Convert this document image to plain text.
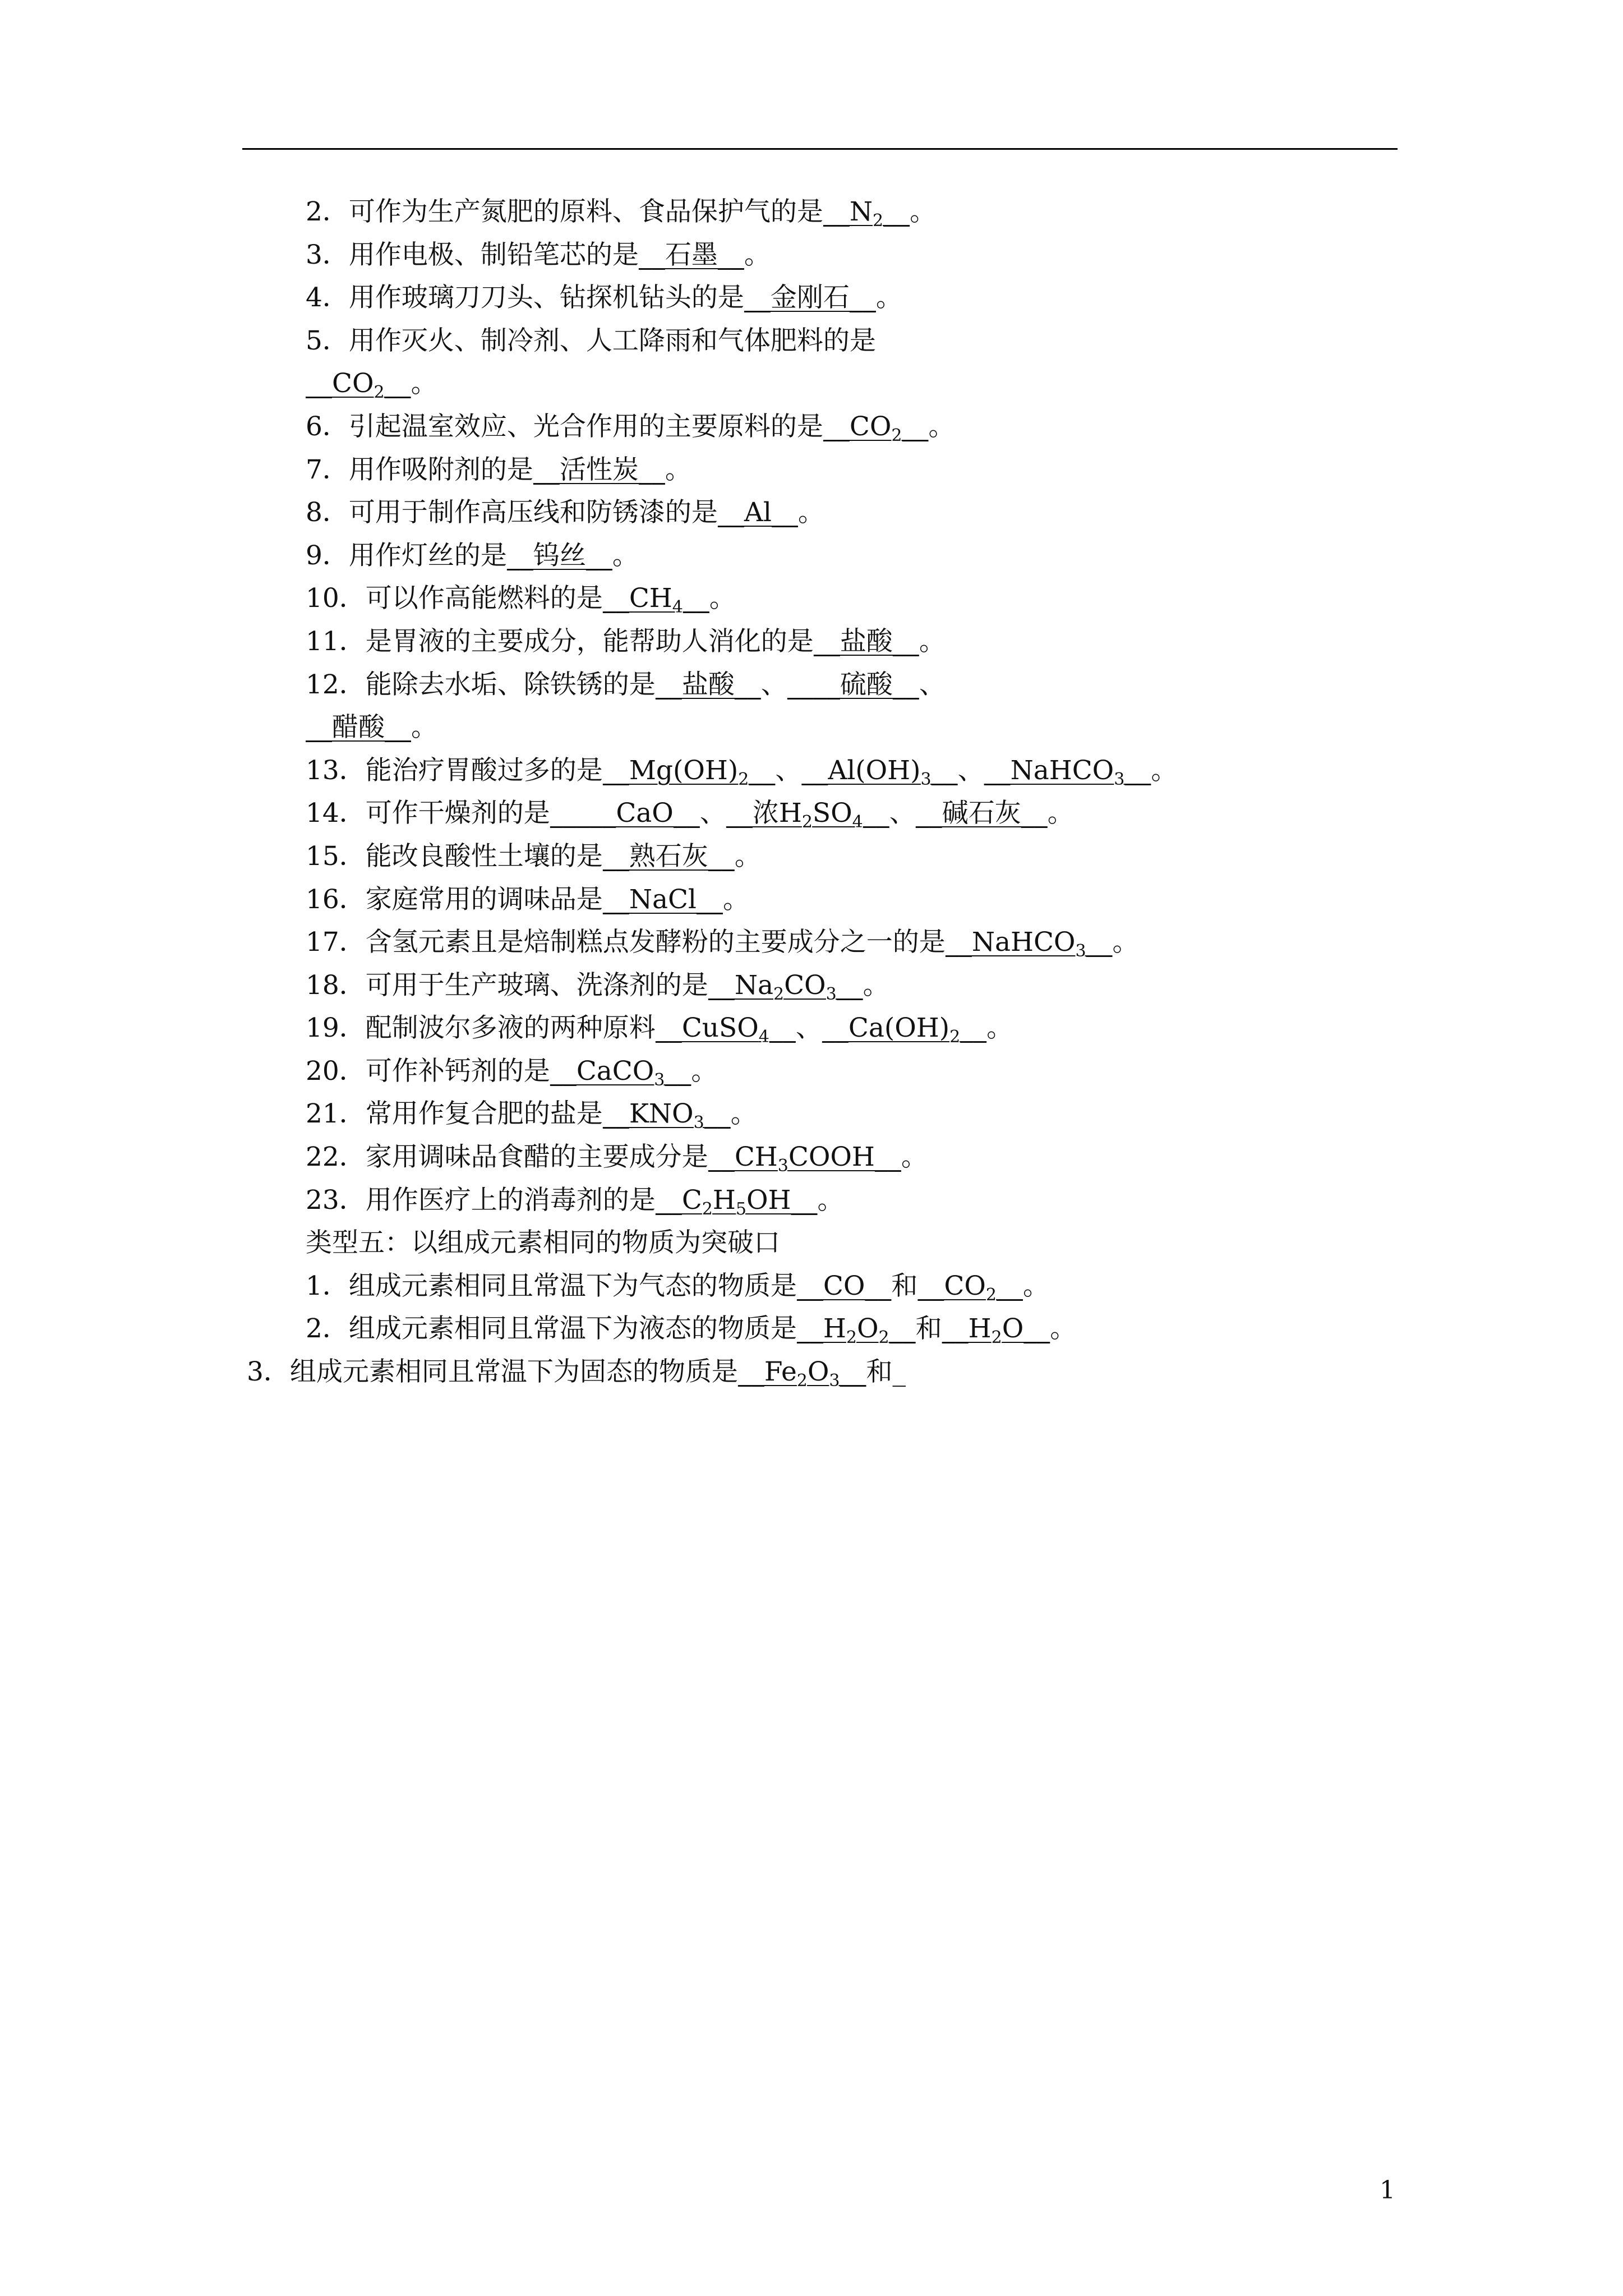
2．可作为生产氮肥的原料、食品保护气的是$\_\_N_2\_\_$。
3．用作电极、制铅笔芯的是__石墨__。
4．用作玻璃刀刀头、钻探机钻头的是__金刚石__。
5．用作灭火、制冷剂、人工降雨和气体肥料的是
$\_\_CO_2\_\_$。
6．引起温室效应、光合作用的主要原料的是$\_\_CO_2\_\_$。
7．用作吸附剂的是__活性炭__。
8．可用于制作高压线和防锈漆的是__Al__。
9．用作灯丝的是__钨丝__。
10．可以作高能燃料的是$\_\_CH_4\_\_$。
11．是胃液的主要成分，能帮助人消化的是__盐酸__。
12．能除去水垢、除铁锈的是__盐酸__、____硫酸__、
__醋酸__。
13．能治疗胃酸过多的是$\_\_Mg(OH)_2\_\_$、$\_\_Al(OH)_3\_\_$、__NaHCO$_3$__。
14．可作干燥剂的是_____CaO__、__浓$H_2SO_4\_\_$、__碱石灰__。
15．能改良酸性土壤的是__熟石灰__。
16．家庭常用的调味品是__NaCl__。
17．含氢元素且是焙制糕点发酵粉的主要成分之一的是__NaHCO$_3$__。
18．可用于生产玻璃、洗涤剂的是$\_\_Na_2CO_3\_\_$。
19．配制波尔多液的两种原料__CuSO$_4$__、$\_\_Ca(OH)_2\_\_$。
20．可作补钙剂的是__CaCO$_3$__。
21．常用作复合肥的盐是$\_\_KNO_3\_\_$。
22．家用调味品食醋的主要成分是$\_\_CH_3COOH\_\_$。
23．用作医疗上的消毒剂的是$\_\_C_2H_5OH\_\_$。
类型五：以组成元素相同的物质为突破口
1．组成元素相同且常温下为气态的物质是__CO__和$\_\_CO_2\_\_$。
2．组成元素相同且常温下为液态的物质是$\_\_H_2O_2\_\_$和$\_\_H_2O\_\_$。
3．组成元素相同且常温下为固态的物质是$\_\_Fe_2O_3\_\_$和_
1
